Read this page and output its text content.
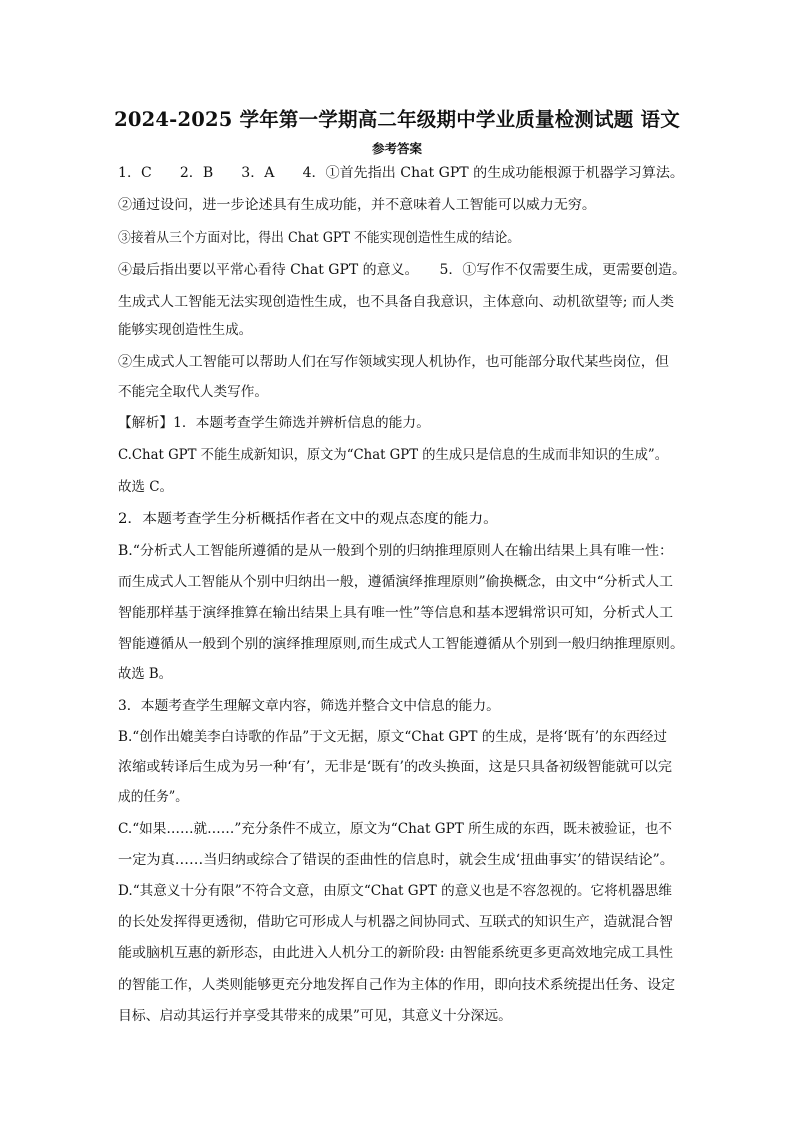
2024-2025 学年第一学期高二年级期中学业质量检测试题 语文
参考答案
1．C　　2．B　　3．A　　4．①首先指出 Chat GPT 的生成功能根源于机器学习算法。
②通过设问，进一步论述具有生成功能，并不意味着人工智能可以威力无穷。
③接着从三个方面对比，得出 Chat GPT 不能实现创造性生成的结论。
④最后指出要以平常心看待 Chat GPT 的意义。　　5．①写作不仅需要生成，更需要创造。
生成式人工智能无法实现创造性生成，也不具备自我意识，主体意向、动机欲望等; 而人类
能够实现创造性生成。
②生成式人工智能可以帮助人们在写作领域实现人机协作，也可能部分取代某些岗位，但
不能完全取代人类写作。
【解析】1．本题考查学生筛选并辨析信息的能力。
C.Chat GPT 不能生成新知识，原文为“Chat GPT 的生成只是信息的生成而非知识的生成”。
故选 C。
2．本题考查学生分析概括作者在文中的观点态度的能力。
B.“分析式人工智能所遵循的是从一般到个别的归纳推理原则人在输出结果上具有唯一性：
而生成式人工智能从个别中归纳出一般，遵循演绎推理原则”偷换概念，由文中“分析式人工
智能那样基于演绎推算在输出结果上具有唯一性”等信息和基本逻辑常识可知，分析式人工
智能遵循从一般到个别的演绎推理原则,而生成式人工智能遵循从个别到一般归纳推理原则。
故选 B。
3．本题考查学生理解文章内容，筛选并整合文中信息的能力。
B.“创作出媲美李白诗歌的作品”于文无据，原文“Chat GPT 的生成，是将‘既有’的东西经过
浓缩或转译后生成为另一种‘有’，无非是‘既有’的改头换面，这是只具备初级智能就可以完
成的任务”。
C.“如果……就……”充分条件不成立，原文为“Chat GPT 所生成的东西，既未被验证，也不
一定为真……当归纳或综合了错误的歪曲性的信息时，就会生成‘扭曲事实’的错误结论”。
D.“其意义十分有限”不符合文意，由原文“Chat GPT 的意义也是不容忽视的。它将机器思维
的长处发挥得更透彻，借助它可形成人与机器之间协同式、互联式的知识生产，造就混合智
能或脑机互惠的新形态，由此进入人机分工的新阶段: 由智能系统更多更高效地完成工具性
的智能工作，人类则能够更充分地发挥自己作为主体的作用，即向技术系统提出任务、设定
目标、启动其运行并享受其带来的成果”可见，其意义十分深远。
